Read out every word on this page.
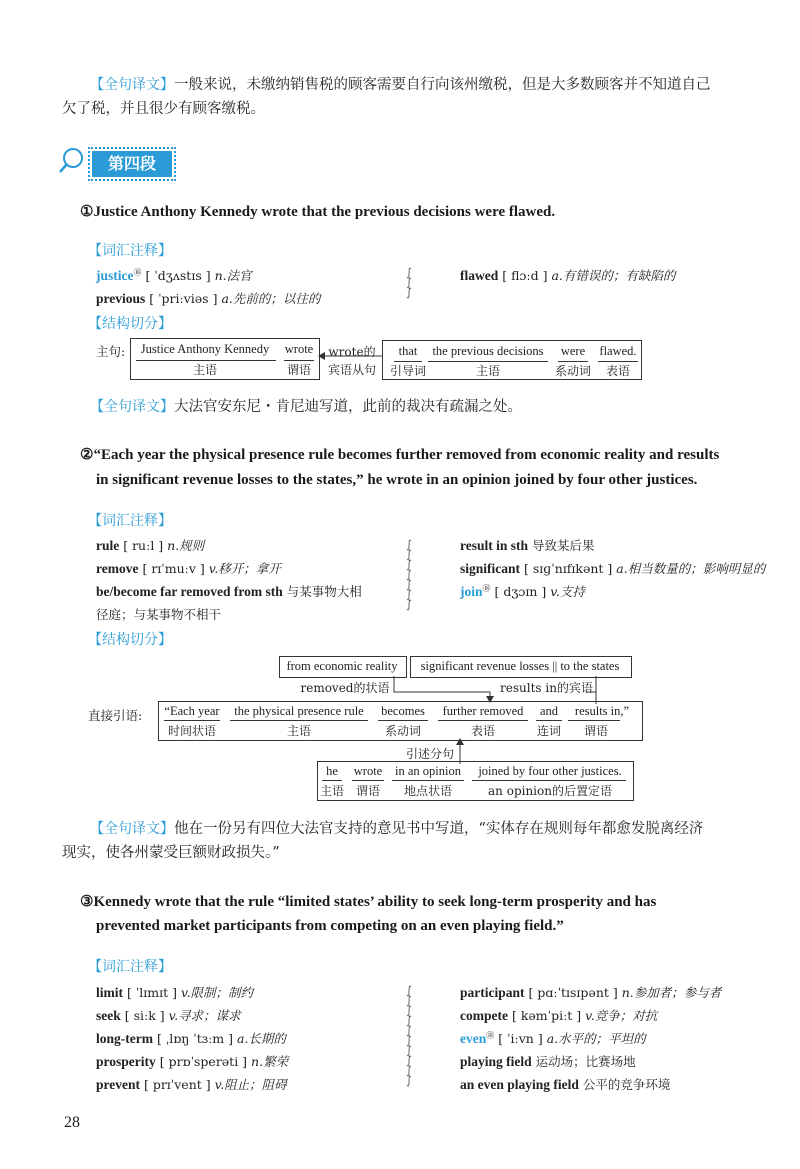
【全句译文】一般来说，未缴纳销售税的顾客需要自行向该州缴税，但是大多数顾客并不知道自己
欠了税，并且很少有顾客缴税。
第四段
①Justice Anthony Kennedy wrote that the previous decisions were flawed.
【词汇注释】
justice⑱ [ ˈdʒʌstɪs ] n.法官
previous [ ˈpriːviəs ] a.先前的；以往的
∫
∫
∫
flawed [ flɔːd ] a.有错误的；有缺陷的
【结构切分】
主句:	Justice Anthony Kennedy	wrote
主语	谓语
wrote的
宾语从句
that	the previous decisions	were	flawed.
引导词	主语	系动词	表语
【全句译文】大法官安东尼・肯尼迪写道，此前的裁决有疏漏之处。
②“Each year the physical presence rule becomes further removed from economic reality and results
in significant revenue losses to the states,” he wrote in an opinion joined by four other justices.
【词汇注释】
rule [ ruːl ] n.规则
remove [ rɪˈmuːv ] v.移开；拿开
be/become far removed from sth 与某事物大相
径庭；与某事物不相干
∫
∫
∫
∫
∫
∫
∫
result in sth 导致某后果
significant [ sɪɡˈnɪfɪkənt ] a.相当数量的；影响明显的
join⑱ [ dʒɔɪn ] v.支持
【结构切分】
from economic reality	significant revenue losses || to the states
removed的状语	results in的宾语
直接引语: “Each year	the physical presence rule	becomes	further removed	and	results in,”
时间状语	主语	系动词	表语	连词	谓语
引述分句
he	wrote	in an opinion	joined by four other justices.
主语 谓语	地点状语	an opinion的后置定语
【全句译文】他在一份另有四位大法官支持的意见书中写道，“实体存在规则每年都愈发脱离经济
现实，使各州蒙受巨额财政损失。”
③Kennedy wrote that the rule “limited states’ ability to seek long-term prosperity and has
prevented market participants from competing on an even playing field.”
【词汇注释】
limit [ ˈlɪmɪt ] v.限制；制约
seek [ siːk ] v.寻求；谋求
long-term [ ˌlɒŋ ˈtɜːm ] a.长期的
prosperity [ prɒˈsperəti ] n.繁荣
prevent [ prɪˈvent ] v.阻止；阻碍
∫
∫
∫
∫
∫
∫
∫
∫
∫
∫
participant [ pɑːˈtɪsɪpənt ] n.参加者；参与者
compete [ kəmˈpiːt ] v.竞争；对抗
even⑱ [ ˈiːvn ] a.水平的；平坦的
playing field 运动场；比赛场地
an even playing field 公平的竞争环境
28
